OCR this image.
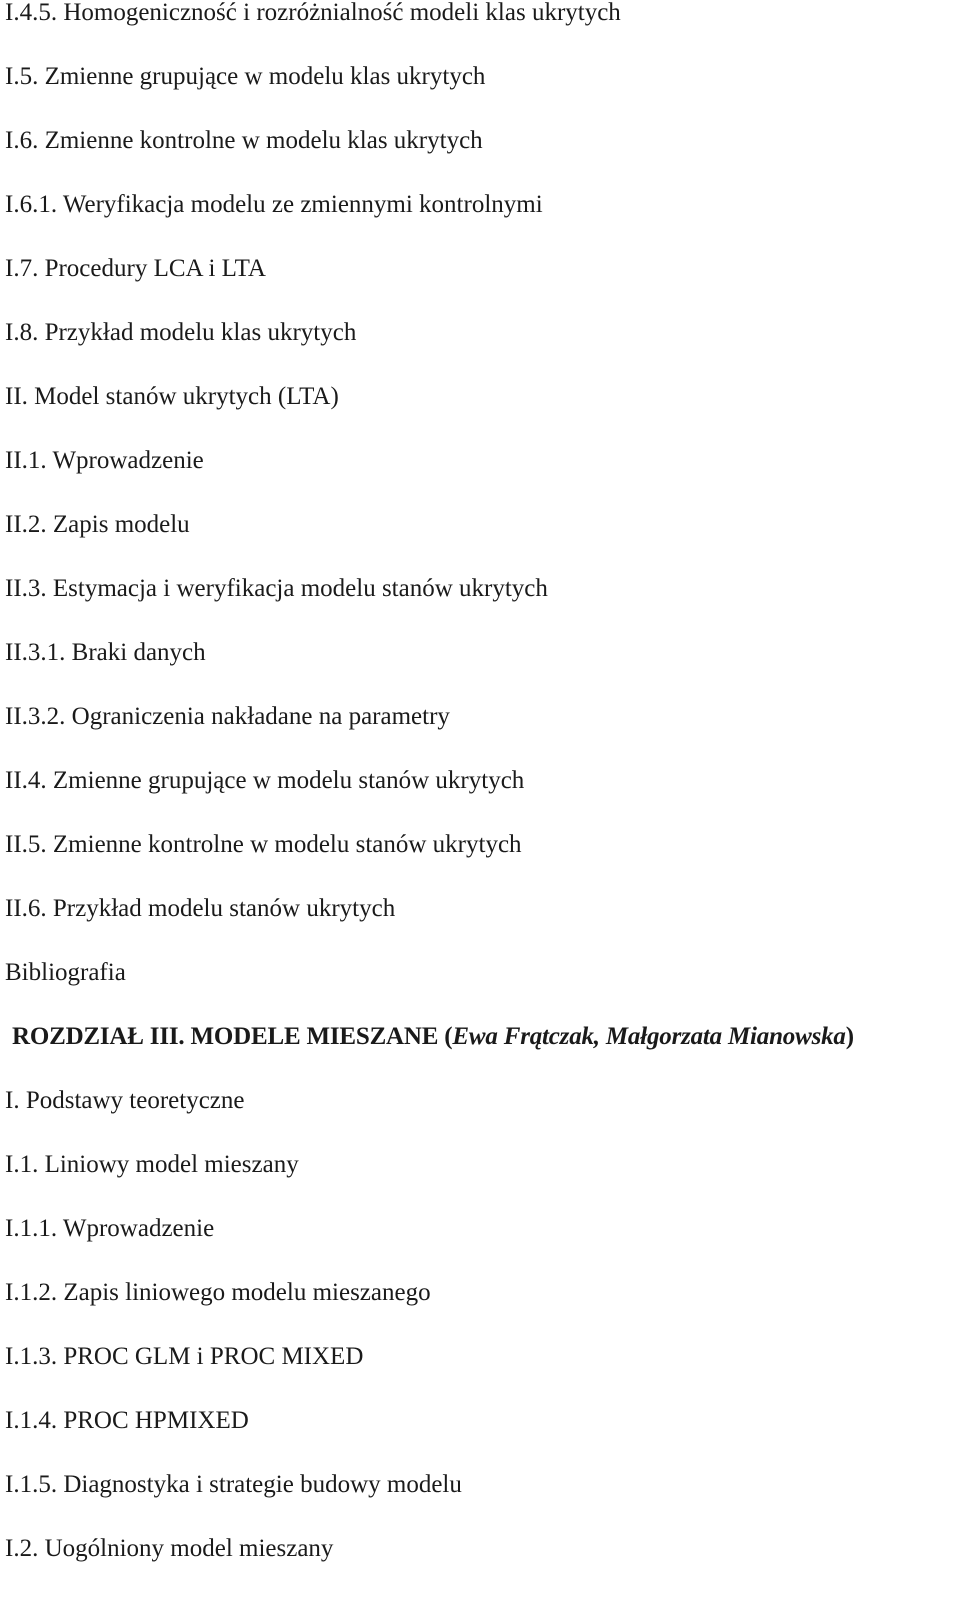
I.4.5. Homogeniczność i rozróżnialność modeli klas ukrytych
I.5. Zmienne grupujące w modelu klas ukrytych
I.6. Zmienne kontrolne w modelu klas ukrytych
I.6.1. Weryfikacja modelu ze zmiennymi kontrolnymi
I.7. Procedury LCA i LTA
I.8. Przykład modelu klas ukrytych
II. Model stanów ukrytych (LTA)
II.1. Wprowadzenie
II.2. Zapis modelu
II.3. Estymacja i weryfikacja modelu stanów ukrytych
II.3.1. Braki danych
II.3.2. Ograniczenia nakładane na parametry
II.4. Zmienne grupujące w modelu stanów ukrytych
II.5. Zmienne kontrolne w modelu stanów ukrytych
II.6. Przykład modelu stanów ukrytych
Bibliografia
ROZDZIAŁ III. MODELE MIESZANE (Ewa Frątczak, Małgorzata Mianowska)
I. Podstawy teoretyczne
I.1. Liniowy model mieszany
I.1.1. Wprowadzenie
I.1.2. Zapis liniowego modelu mieszanego
I.1.3. PROC GLM i PROC MIXED
I.1.4. PROC HPMIXED
I.1.5. Diagnostyka i strategie budowy modelu
I.2. Uogólniony model mieszany
